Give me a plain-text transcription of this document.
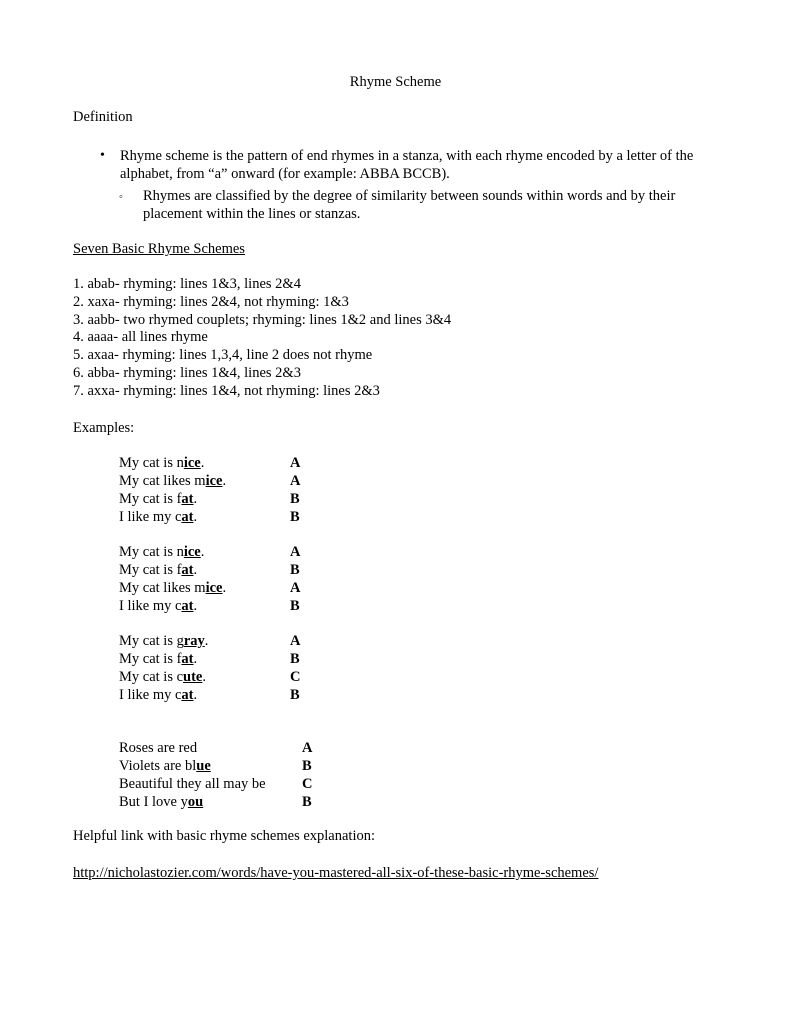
Rhyme Scheme
Definition
• Rhyme scheme is the pattern of end rhymes in a stanza, with each rhyme encoded by a letter of the alphabet, from “a” onward (for example: ABBA BCCB).
◦ Rhymes are classified by the degree of similarity between sounds within words and by their placement within the lines or stanzas.
Seven Basic Rhyme Schemes
1. abab- rhyming: lines 1&3, lines 2&4
2. xaxa- rhyming: lines 2&4, not rhyming: 1&3
3. aabb- two rhymed couplets; rhyming: lines 1&2 and lines 3&4
4. aaaa- all lines rhyme
5. axaa- rhyming: lines 1,3,4, line 2 does not rhyme
6. abba- rhyming: lines 1&4, lines 2&3
7. axxa- rhyming: lines 1&4, not rhyming: lines 2&3
Examples:
My cat is nice.	A
My cat likes mice.	A
My cat is fat.	B
I like my cat.	B
My cat is nice.	A
My cat is fat.	B
My cat likes mice.	A
I like my cat.	B
My cat is gray.	A
My cat is fat.	B
My cat is cute.	C
I like my cat.	B
Roses are red	A
Violets are blue	B
Beautiful they all may be	C
But I love you	B
Helpful link with basic rhyme schemes explanation:
http://nicholastozier.com/words/have-you-mastered-all-six-of-these-basic-rhyme-schemes/
